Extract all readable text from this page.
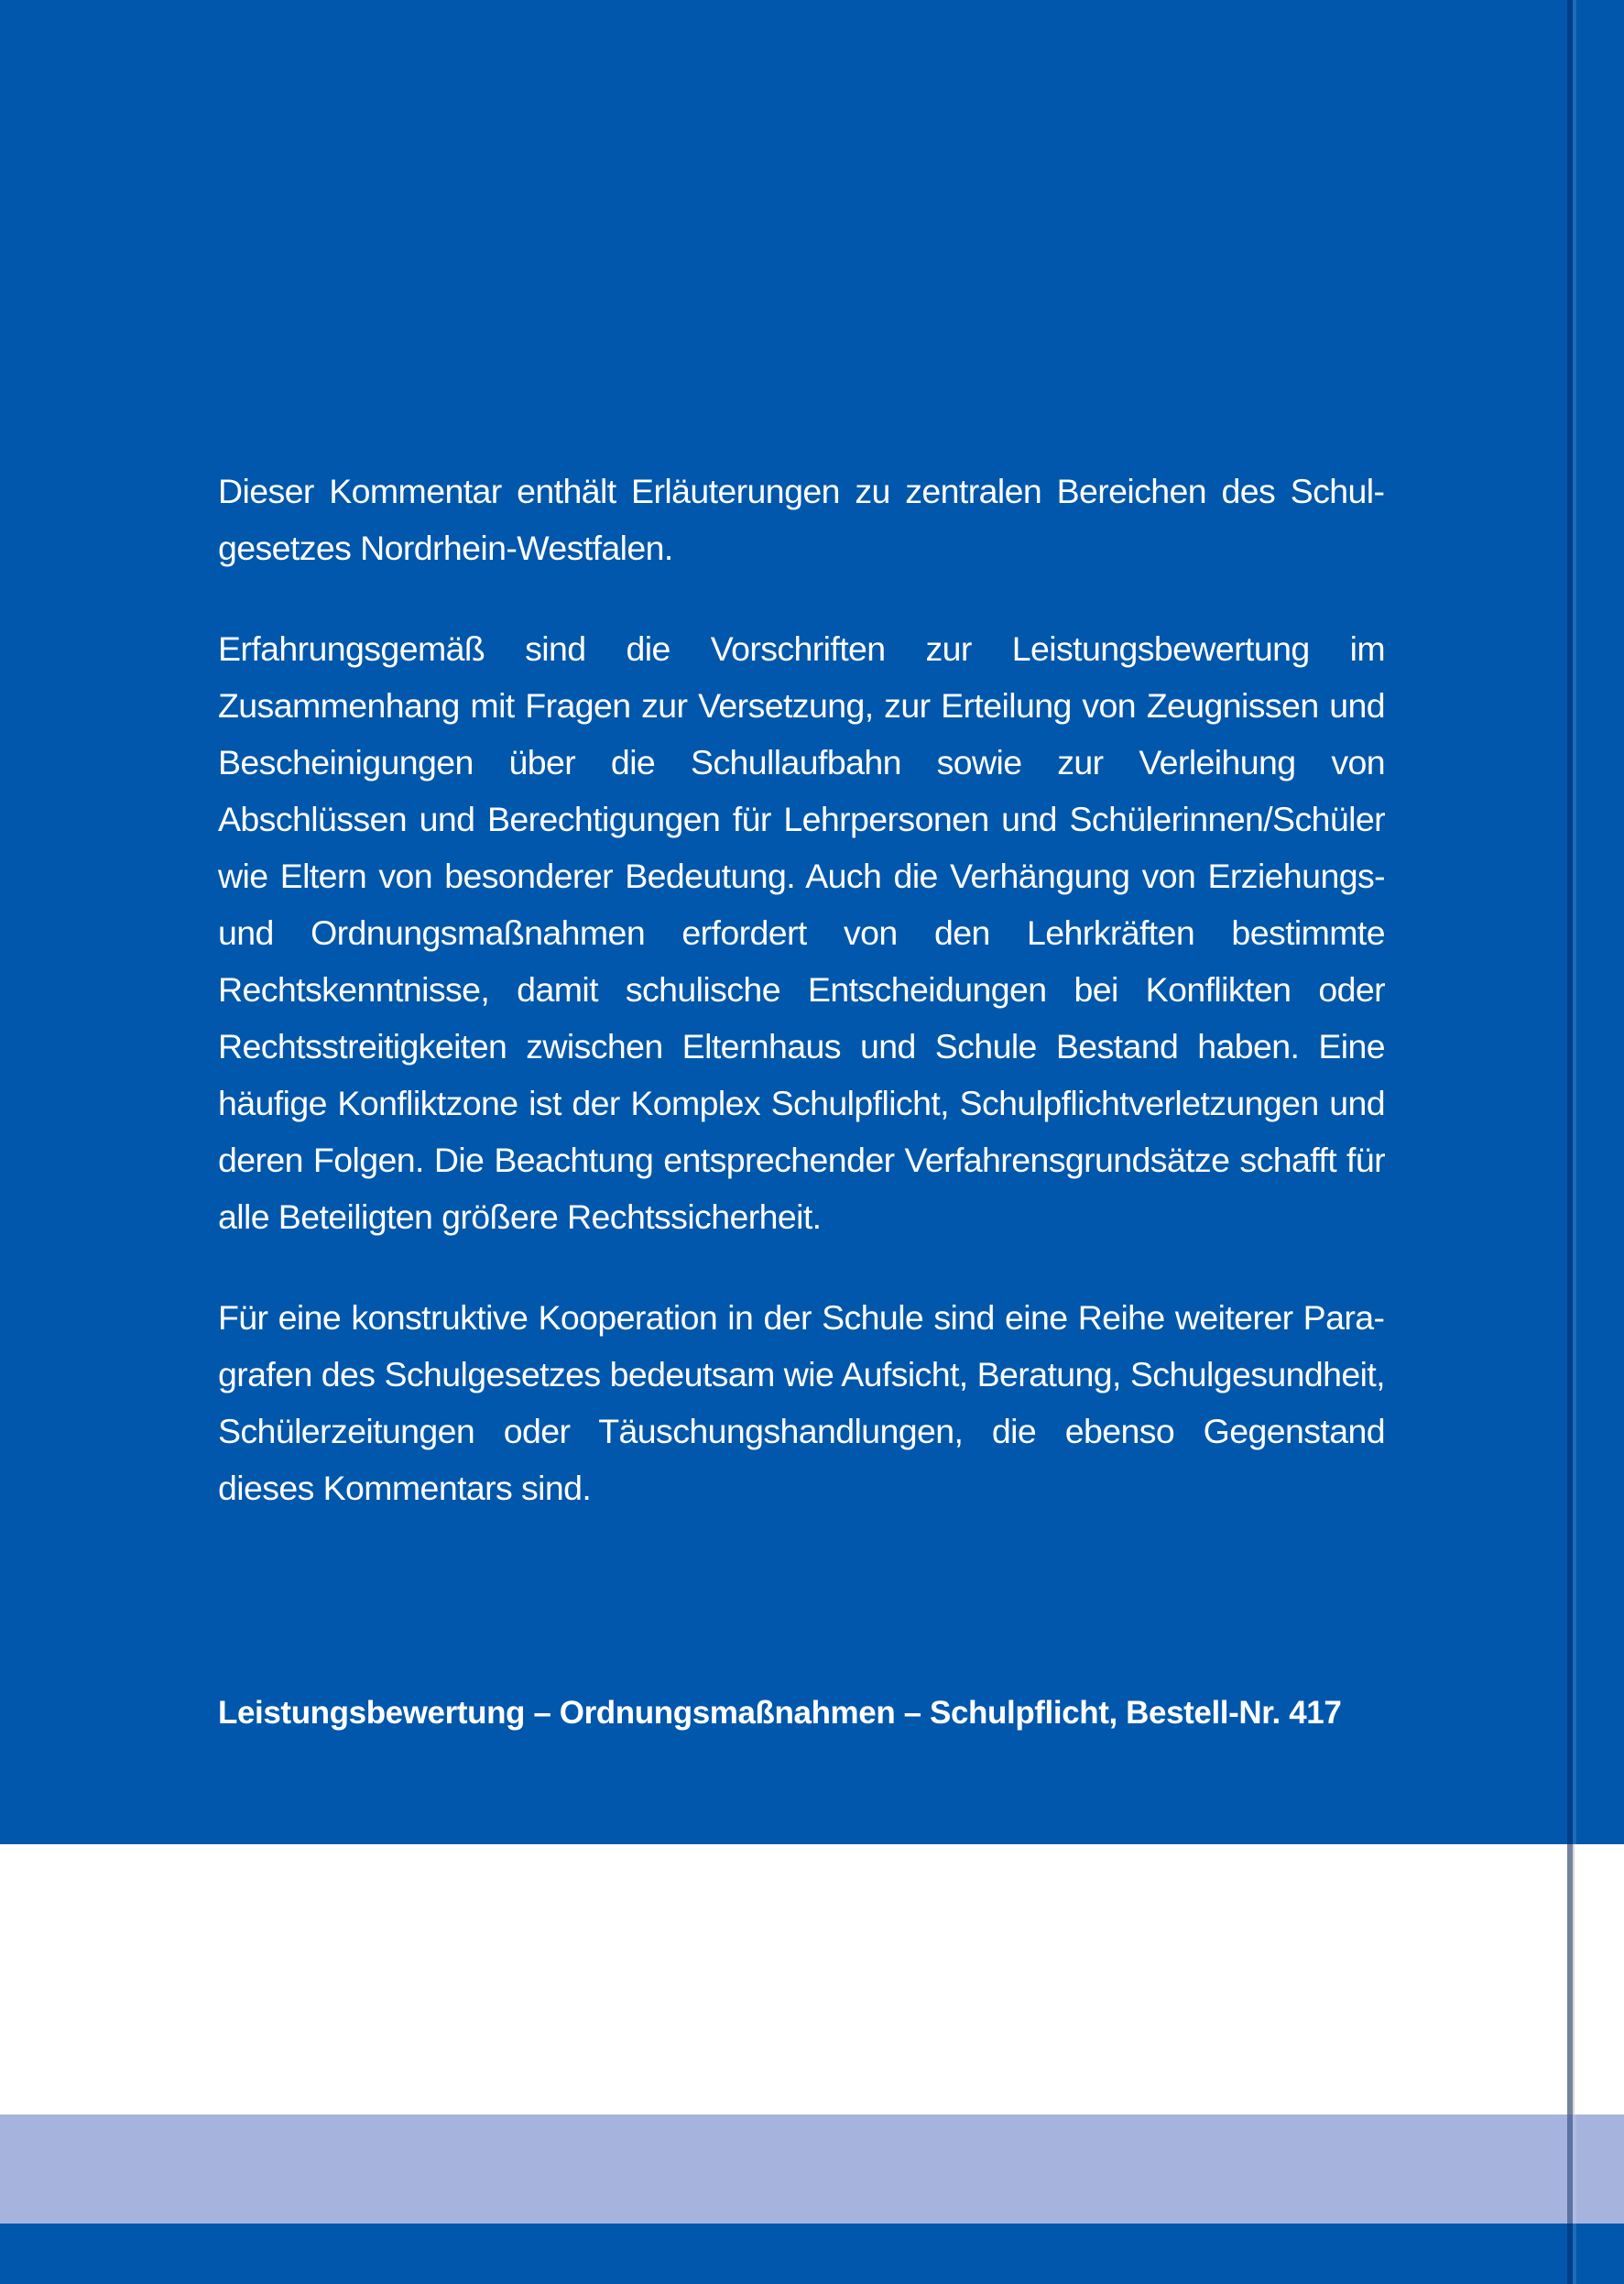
Dieser Kommentar enthält Erläuterungen zu zentralen Bereichen des Schulgesetzes Nordrhein-Westfalen.

Erfahrungsgemäß sind die Vorschriften zur Leistungsbewertung im Zusammenhang mit Fragen zur Versetzung, zur Erteilung von Zeugnissen und Bescheinigungen über die Schullaufbahn sowie zur Verleihung von Abschlüssen und Berechtigungen für Lehrpersonen und Schülerinnen/Schüler wie Eltern von besonderer Bedeutung. Auch die Verhängung von Erziehungs- und Ordnungsmaßnahmen erfordert von den Lehrkräften bestimmte Rechtskenntnisse, damit schulische Entscheidungen bei Konflikten oder Rechtsstreitigkeiten zwischen Elternhaus und Schule Bestand haben. Eine häufige Konfliktzone ist der Komplex Schulpflicht, Schulpflichtverletzungen und deren Folgen. Die Beachtung entsprechender Verfahrensgrundsätze schafft für alle Beteiligten größere Rechtssicherheit.

Für eine konstruktive Kooperation in der Schule sind eine Reihe weiterer Paragrafen des Schulgesetzes bedeutsam wie Aufsicht, Beratung, Schulgesundheit, Schülerzeitungen oder Täuschungshandlungen, die ebenso Gegenstand dieses Kommentars sind.

Leistungsbewertung – Ordnungsmaßnahmen – Schulpflicht, Bestell-Nr. 417
